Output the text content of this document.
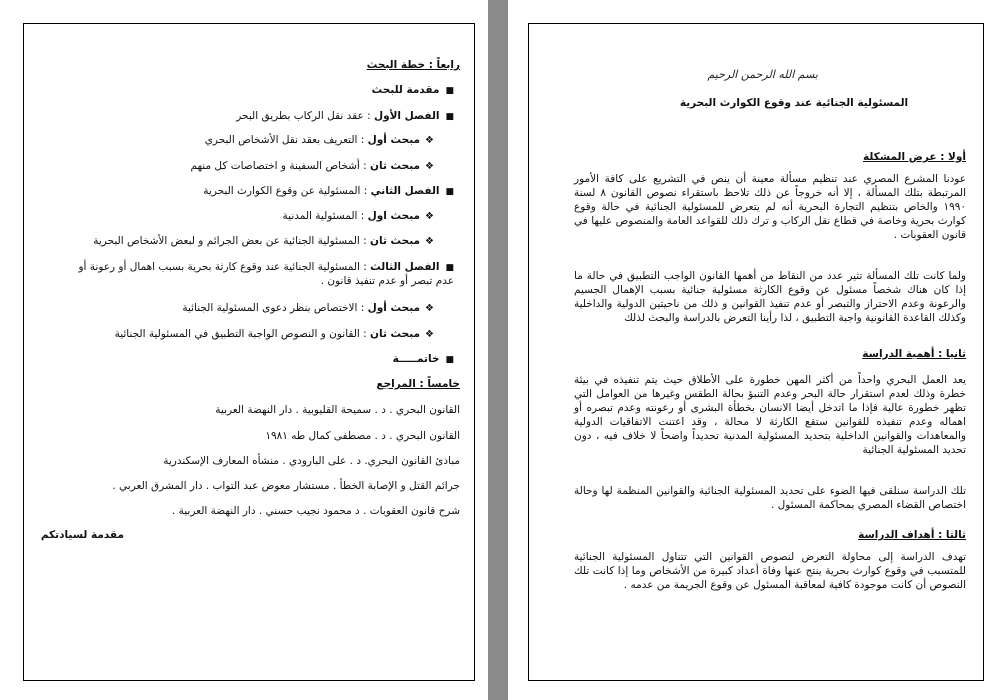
رابعاً : خطة البحث
■مقدمة للبحث
■الفصل الأول : عقد نقل الركاب بطريق البحر
❖مبحث أول : التعريف بعقد نقل الأشخاص البحري
❖مبحث ثان : أشخاص السفينة و اختصاصات كل منهم
■الفصل الثاني : المسئولية عن وقوع الكوارث البحرية
❖مبحث اول : المسئولية المدنية
❖مبحث ثان : المسئولية الجنائية عن بعض الجرائم و لبعض الأشخاص البحرية
■الفصل الثالث : المسئولية الجنائية عند وقوع كارثة بحرية بسبب اهمال أو رعونة أو
عدم تبصر أو عدم تنفيذ قانون .
❖مبحث أول : الاختصاص بنظر دعوى المسئولية الجنائية
❖مبحث ثان : القانون و النصوص الواجبة التطبيق في المسئولية الجنائية
■خاتمـــــة
خامساً : المراجع
القانون البحري . د . سميحة القليوبية . دار النهضة العربية
القانون البحري . د . مصطفى كمال طه ١٩٨١
مبادئ القانون البحري. د . على البارودي . منشأه المعارف الإسكندرية
جرائم القتل و الإصابة الخطأ . مستشار معوض عبد التواب . دار المشرق العربي .
شرح قانون العقوبات . د محمود نجيب حسني . دار النهضة العربية .
مقدمة لسيادتكم
بسم الله الرحمن الرحيم
المسئولية الجنائية عند وقوع الكوارث البحرية
أولا : عرض المشكلة
عودنا المشرع المصري عند تنظيم مسألة معينة أن ينص في التشريع على كافة الأمور المرتبطة بتلك المسألة ، إلا أنه خروجاً عن ذلك تلاحظ باستقراء نصوص القانون ٨ لسنة ١٩٩٠ والخاص بتنظيم التجارة البحرية أنه لم يتعرض للمسئولية الجنائية في حالة وقوع كوارث بحرية وخاصة في قطاع نقل الركاب و ترك ذلك للقواعد العامة والمنصوص عليها في قانون العقوبات .
ولما كانت تلك المسألة تثير عدد من النقاط من أهمها القانون الواجب التطبيق في حالة ما إذا كان هناك شخصاً مسئول عن وقوع الكارثة مسئولية جنائية بسبب الإهمال الجسيم والرعونة وعدم الاحتراز والتبصر أو عدم تنفيذ القوانين و ذلك من ناحيتين الدولية والداخلية وكذلك القاعدة القانونية واجبة التطبيق ، لذا رأينا التعرض بالدراسة والبحث لذلك
ثانيا : أهمية الدراسة
يعد العمل البحري واحداً من أكثر المهن خطورة على الأطلاق حيث يتم تنفيذه في بيئة خطرة وذلك لعدم استقرار حالة البحر وعدم التنبؤ بحالة الطقس وغيرها من العوامل التي تظهر خطورة عالية فإذا ما اتدخل أيضا الانسان بخطأة البشرى أو رعونته وعدم تبصره أو اهماله وعدم تنفيذه للقوانين ستقع الكارثة لا محالة ، وقد اعتنت الاتفاقيات الدولية والمعاهدات والقوانين الداخلية بتحديد المسئولية المدنية تحديداً واضحاً لا خلاف فيه ، دون تحديد المسئولية الجنائية
تلك الدراسة سنلقى فيها الضوء على تحديد المسئولية الجنائية والقوانين المنظمة لها وحالة اختصاص القضاء المصري بمحاكمة المسئول .
ثالثا : أهداف الدراسة
تهدف الدراسة إلى محاولة التعرض لنصوص القوانين التي تتناول المسئولية الجنائية للمتسبب في وقوع كوارث بحرية ينتج عنها وفاة أعداد كبيرة من الأشخاص وما إذا كانت تلك النصوص أن كانت موجودة كافية لمعاقبة المسئول عن وقوع الجريمة من عدمه .
